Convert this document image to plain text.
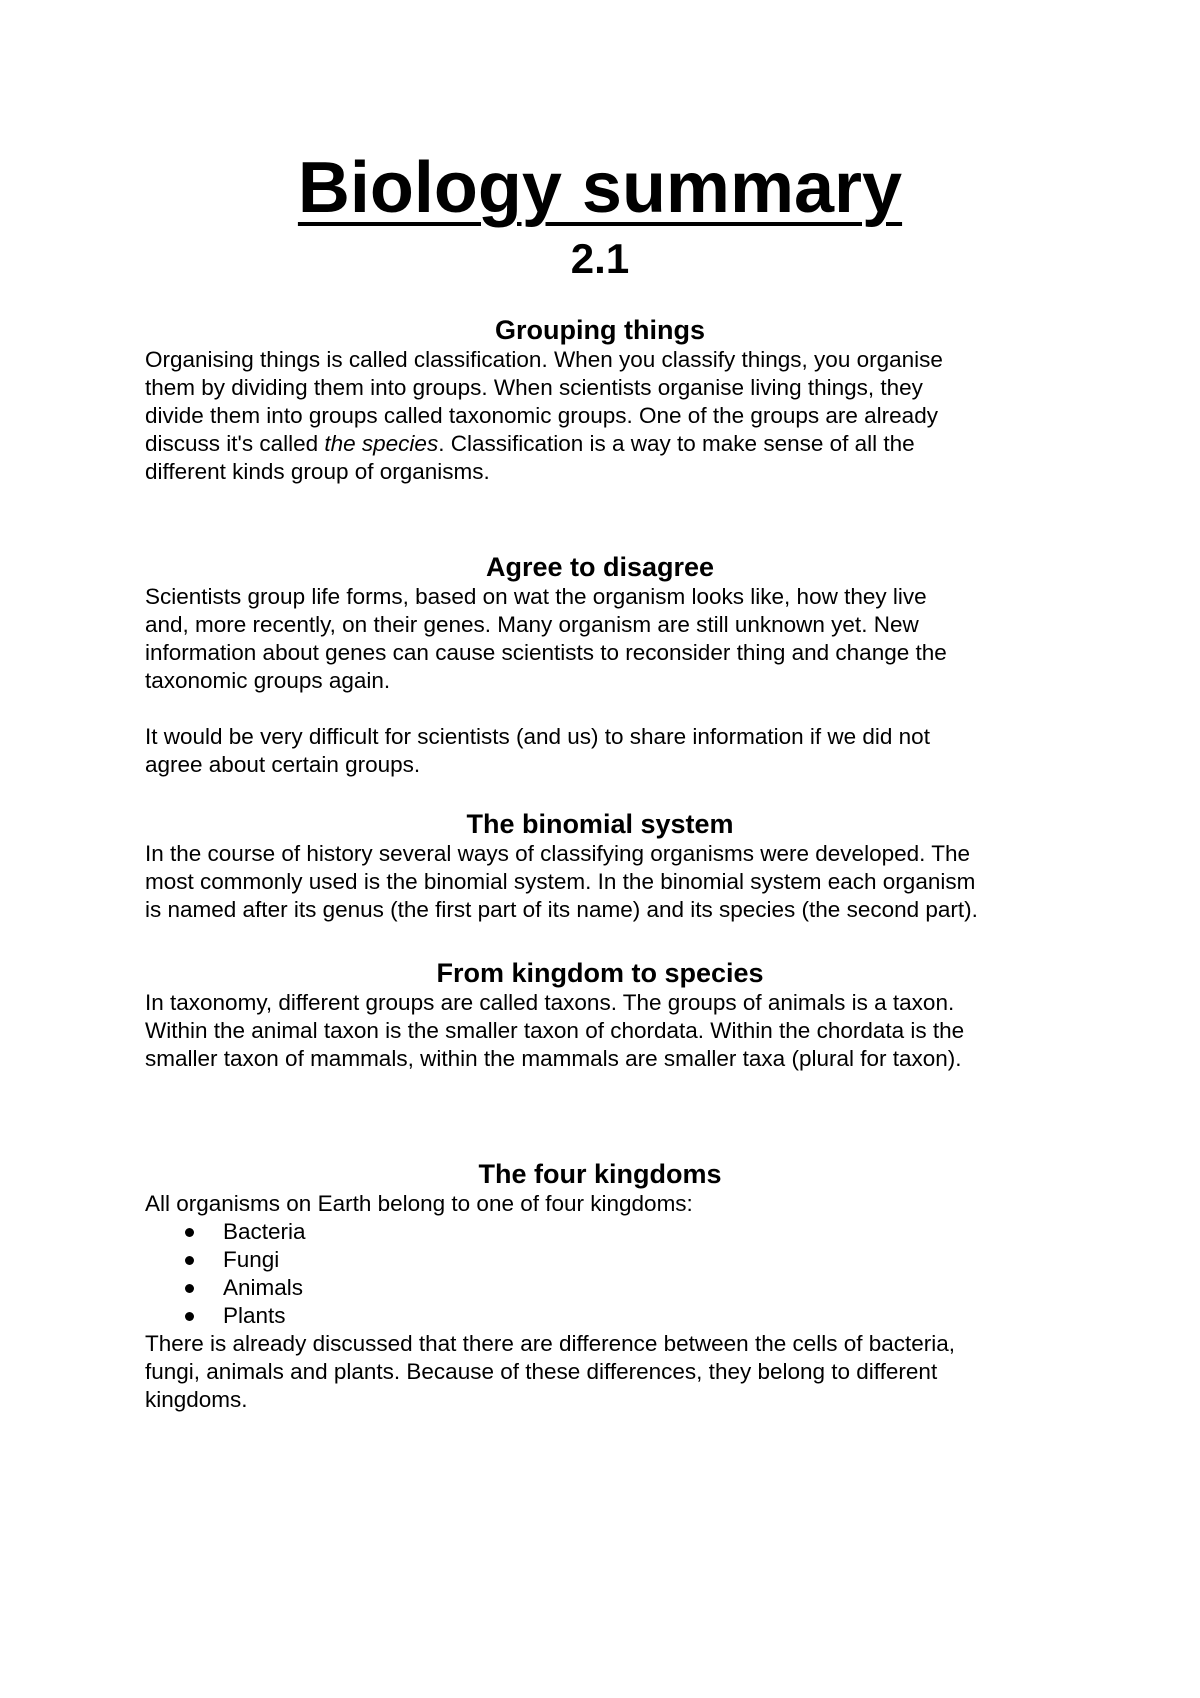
Biology summary
2.1
Grouping things

Organising things is called classification. When you classify things, you organise
them by dividing them into groups. When scientists organise living things, they
divide them into groups called taxonomic groups. One of the groups are already
discuss it's called the species. Classification is a way to make sense of all the
different kinds group of organisms.

Agree to disagree

Scientists group life forms, based on wat the organism looks like, how they live
and, more recently, on their genes. Many organism are still unknown yet. New
information about genes can cause scientists to reconsider thing and change the
taxonomic groups again.

It would be very difficult for scientists (and us) to share information if we did not
agree about certain groups.

The binomial system

In the course of history several ways of classifying organisms were developed. The
most commonly used is the binomial system. In the binomial system each organism
is named after its genus (the first part of its name) and its species (the second part).

From kingdom to species

In taxonomy, different groups are called taxons. The groups of animals is a taxon.
Within the animal taxon is the smaller taxon of chordata. Within the chordata is the
smaller taxon of mammals, within the mammals are smaller taxa (plural for taxon).

The four kingdoms

All organisms on Earth belong to one of four kingdoms:

Bacteria
Fungi
Animals
Plants

There is already discussed that there are difference between the cells of bacteria,
fungi, animals and plants. Because of these differences, they belong to different
kingdoms.
